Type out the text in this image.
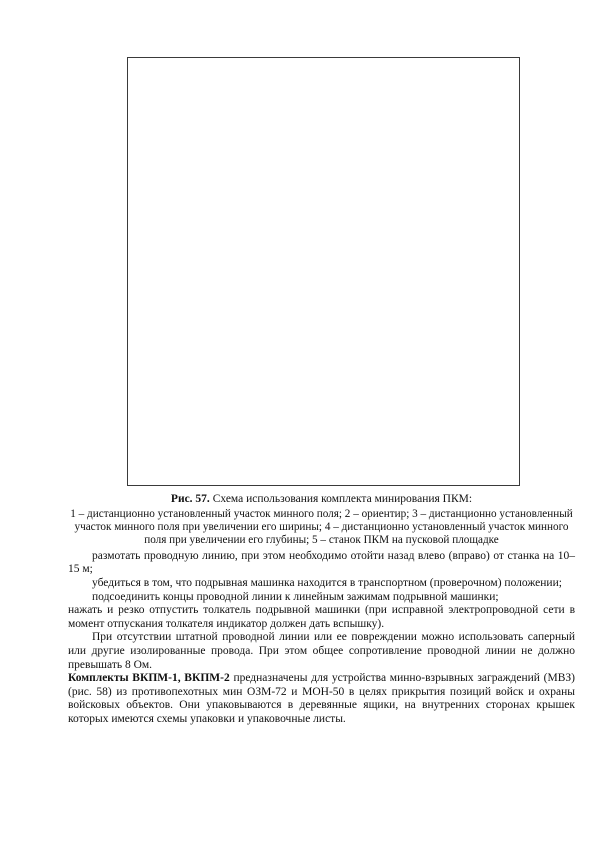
Рис. 57. Схема использования комплекта минирования ПКМ:
1 – дистанционно установленный участок минного поля; 2 – ориентир; 3 – дистанционно установленный участок минного поля при увеличении его ширины; 4 – дистанционно установленный участок минного поля при увеличении его глубины; 5 – станок ПКМ на пусковой площадке

размотать проводную линию, при этом необходимо отойти назад влево (вправо) от станка на 10–15 м;

убедиться в том, что подрывная машинка находится в транспортном (проверочном) положении;

подсоединить концы проводной линии к линейным зажимам подрывной машинки;

нажать и резко отпустить толкатель подрывной машинки (при исправной электропроводной сети в момент отпускания толкателя индикатор должен дать вспышку).

При отсутствии штатной проводной линии или ее повреждении можно использовать саперный или другие изолированные провода. При этом общее сопротивление проводной линии не должно превышать 8 Ом.

Комплекты ВКПМ-1, ВКПМ-2 предназначены для устройства минно-взрывных заграждений (МВЗ) (рис. 58) из противопехотных мин ОЗМ-72 и МОН-50 в целях прикрытия позиций войск и охраны войсковых объектов. Они упаковываются в деревянные ящики, на внутренних сторонах крышек которых имеются схемы упаковки и упаковочные листы.
